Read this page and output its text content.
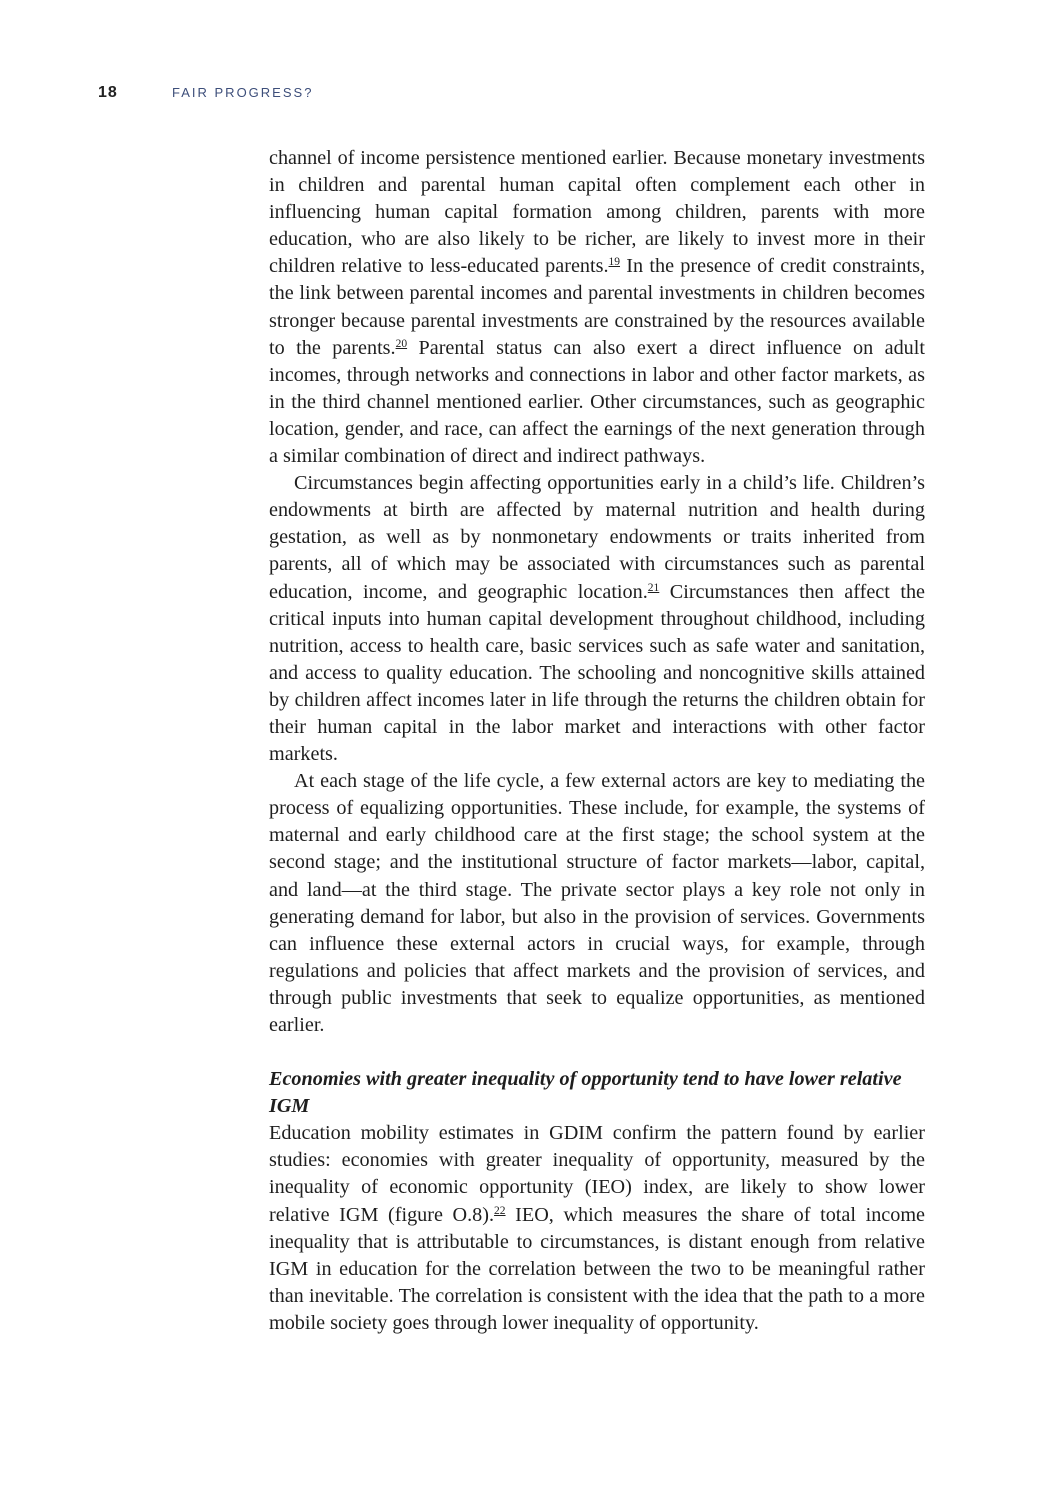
18	FAIR PROGRESS?

channel of income persistence mentioned earlier. Because monetary investments in children and parental human capital often complement each other in influencing human capital formation among children, parents with more education, who are also likely to be richer, are likely to invest more in their children relative to less-educated parents.$^{19}$ In the presence of credit constraints, the link between parental incomes and parental investments in children becomes stronger because parental investments are constrained by the resources available to the parents.$^{20}$ Parental status can also exert a direct influence on adult incomes, through networks and connections in labor and other factor markets, as in the third channel mentioned earlier. Other circumstances, such as geographic location, gender, and race, can affect the earnings of the next generation through a similar combination of direct and indirect pathways.

Circumstances begin affecting opportunities early in a child’s life. Children’s endowments at birth are affected by maternal nutrition and health during gestation, as well as by nonmonetary endowments or traits inherited from parents, all of which may be associated with circumstances such as parental education, income, and geographic location.$^{21}$ Circumstances then affect the critical inputs into human capital development throughout childhood, including nutrition, access to health care, basic services such as safe water and sanitation, and access to quality education. The schooling and noncognitive skills attained by children affect incomes later in life through the returns the children obtain for their human capital in the labor market and interactions with other factor markets.

At each stage of the life cycle, a few external actors are key to mediating the process of equalizing opportunities. These include, for example, the systems of maternal and early childhood care at the first stage; the school system at the second stage; and the institutional structure of factor markets—labor, capital, and land—at the third stage. The private sector plays a key role not only in generating demand for labor, but also in the provision of services. Governments can influence these external actors in crucial ways, for example, through regulations and policies that affect markets and the provision of services, and through public investments that seek to equalize opportunities, as mentioned earlier.

Economies with greater inequality of opportunity tend to have lower relative IGM

Education mobility estimates in GDIM confirm the pattern found by earlier studies: economies with greater inequality of opportunity, measured by the inequality of economic opportunity (IEO) index, are likely to show lower relative IGM (figure O.8).$^{22}$ IEO, which measures the share of total income inequality that is attributable to circumstances, is distant enough from relative IGM in education for the correlation between the two to be meaningful rather than inevitable. The correlation is consistent with the idea that the path to a more mobile society goes through lower inequality of opportunity.
